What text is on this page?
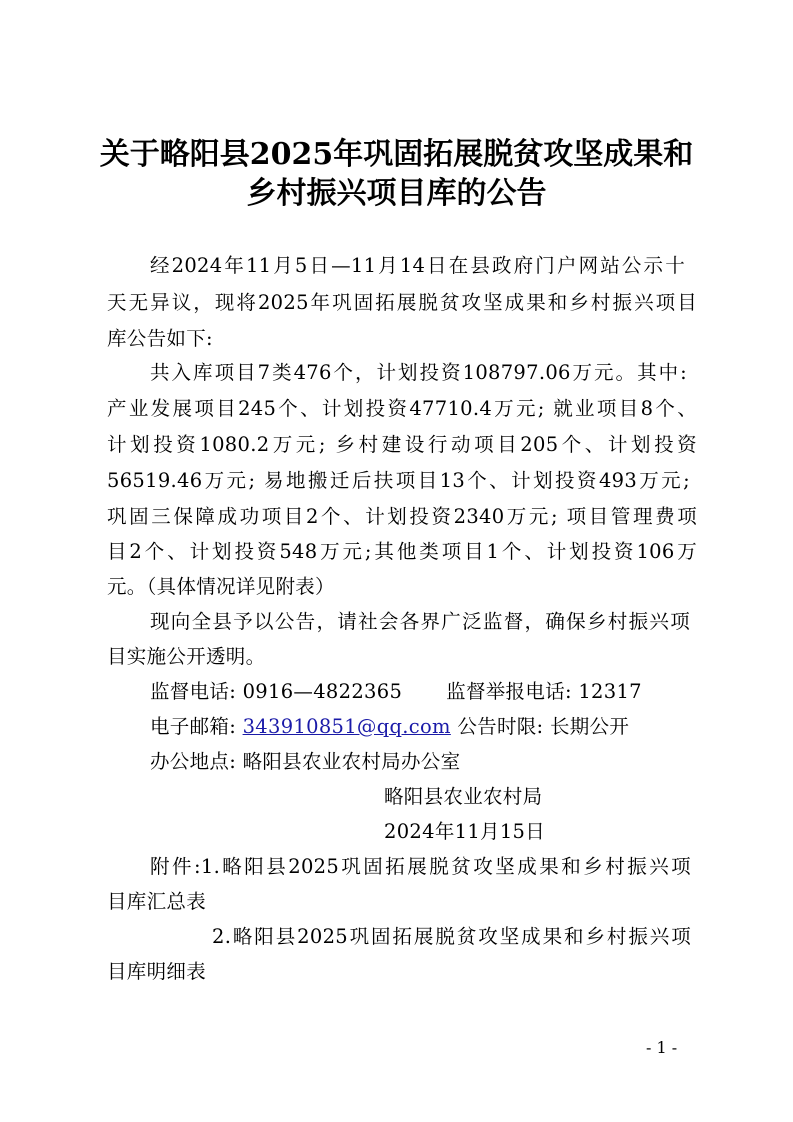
关于略阳县2025年巩固拓展脱贫攻坚成果和
乡村振兴项目库的公告
经2024年11月5日—11月14日在县政府门户网站公示十
天无异议，现将2025年巩固拓展脱贫攻坚成果和乡村振兴项目
库公告如下:
共入库项目7类476个，计划投资108797.06万元。其中:
产业发展项目245个、计划投资47710.4万元; 就业项目8个、
计划投资1080.2万元; 乡村建设行动项目205个、计划投资
56519.46万元; 易地搬迁后扶项目13个、计划投资493万元;
巩固三保障成功项目2个、计划投资2340万元; 项目管理费项
目2个、计划投资548万元;其他类项目1个、计划投资106万
元。（具体情况详见附表）
现向全县予以公告，请社会各界广泛监督，确保乡村振兴项
目实施公开透明。
监督电话: 0916—4822365 监督举报电话: 12317
电子邮箱: 343910851@qq.com 公告时限: 长期公开
办公地点: 略阳县农业农村局办公室
略阳县农业农村局
2024年11月15日
附件:1.略阳县2025巩固拓展脱贫攻坚成果和乡村振兴项
目库汇总表
2.略阳县2025巩固拓展脱贫攻坚成果和乡村振兴项
目库明细表
- 1 -
